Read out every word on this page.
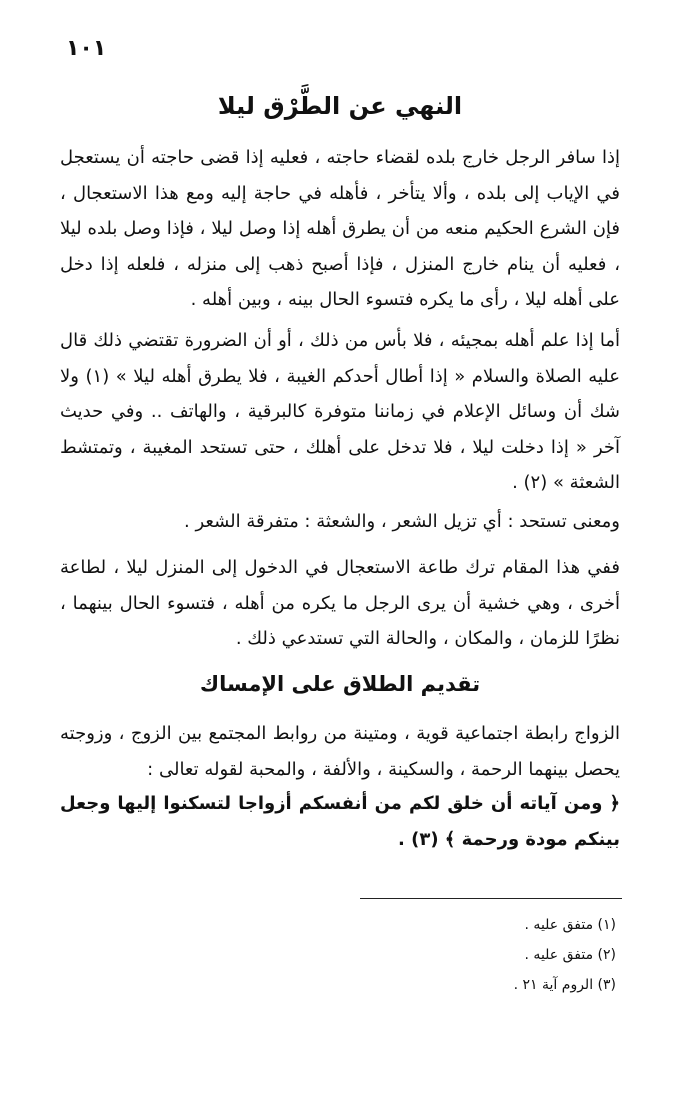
١٠١
النهي عن الطَّرْق ليلا
إذا سافر الرجل خارج بلده لقضاء حاجته ، فعليه إذا قضى حاجته أن يستعجل في الإياب إلى بلده ، وألا يتأخر ، فأهله في حاجة إليه ومع هذا الاستعجال ، فإن الشرع الحكيم منعه من أن يطرق أهله إذا وصل ليلا ، فإذا وصل بلده ليلا ، فعليه أن ينام خارج المنزل ، فإذا أصبح ذهب إلى منزله ، فلعله إذا دخل على أهله ليلا ، رأى ما يكره فتسوء الحال بينه ، وبين أهله .
أما إذا علم أهله بمجيئه ، فلا بأس من ذلك ، أو أن الضرورة تقتضي ذلك قال عليه الصلاة والسلام « إذا أطال أحدكم الغيبة ، فلا يطرق أهله ليلا » (١) ولا شك أن وسائل الإعلام في زماننا متوفرة كالبرقية ، والهاتف .. وفي حديث آخر « إذا دخلت ليلا ، فلا تدخل على أهلك ، حتى تستحد المغيبة ، وتمتشط الشعثة » (٢) .
ومعنى تستحد : أي تزيل الشعر ، والشعثة : متفرقة الشعر .
ففي هذا المقام ترك طاعة الاستعجال في الدخول إلى المنزل ليلا ، لطاعة أخرى ، وهي خشية أن يرى الرجل ما يكره من أهله ، فتسوء الحال بينهما ، نظرًا للزمان ، والمكان ، والحالة التي تستدعي ذلك .
تقديم الطلاق على الإمساك
الزواج رابطة اجتماعية قوية ، ومتينة من روابط المجتمع بين الزوج ، وزوجته يحصل بينهما الرحمة ، والسكينة ، والألفة ، والمحبة لقوله تعالى :
﴿ ومن آياته أن خلق لكم من أنفسكم أزواجا لتسكنوا إليها وجعل بينكم مودة ورحمة ﴾ (٣) .
(١) متفق عليه .
(٢) متفق عليه .
(٣) الروم آية ٢١ .
